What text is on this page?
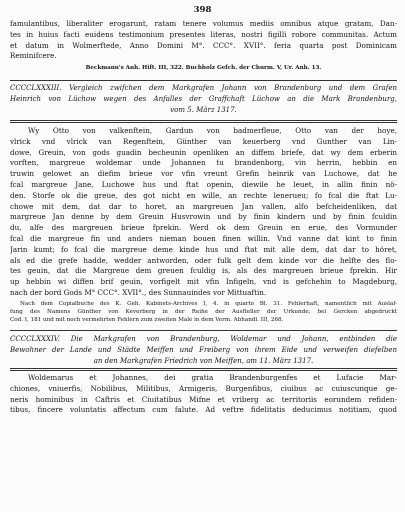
398
famulantibus, liberaliter erogarunt, ratam tenere volumus mediis omnibus atque gratam, Dan-
tes in huius facti euidens testimonium presentes literas, nostri figilli robore communitas. Actum
et datum in Wolmerftede, Anno Domini M°. CCC°. XVII°. feria quarta post Dominicam
Reminifcere.
Beckmann's Anh. Hift. III, 322. Buchholz Gefch. der Churm. V, Ur. Anh. 13.
CCCCLXXXIII. Vergleich zwifchen dem Markgrafen Johann von Brandenburg und dem Grafen
Heinrich von Lüchow wegen des Anfalles der Graffchaft Lüchow an die Mark Brandenburg,
vom 5. März 1317.
Wy Otto von valkenftein, Gardun von badmerfleue, Otto van der hoye,
vlrick vnd vlrick van Regenftein, Günther van keuerberg vnd Gunther van Lin-
dowe, Greuin, von gods guadin becheunin openliken an diffem briefe, dat wy dem erberin
vorften, margreue woldemar unde Johannen tu brandenborg, vin herrin, hebbin en
truwin gelowet an diefim brieue vor vfin vreunt Grefin heinrik van Luchowe, dat he
fcal margreue Jane, Luchowe hus und ftat openin, diewile he leuet, in allin finin nö-
den. Storfe ok die greue, des got nicht en wille, an rechte lenerueu; fo fcal die ftat Lu-
chowe mit dem, dat dar to horet, an margreuen Jan vallen, alfo befcheidenliken, dat
margreue Jan denne by dem Greuin Husvrowin und by finin kindern und by finin fculdin
du, alfe des margreuen brieue fprekin. Werd ok dem Greuin en erue, des Vormunder
fcal die margreue fin und anders nieman bouen finen willin. Vnd vanne dat kint to finin
Jarin kumt; fo fcal die margreue deme kinde hus und ftat mit alle dem, dat dar to höret,
als ed die grefe hadde, wedder antworden, oder fulk gelt dem kinde vor die helfte des flo-
tes geuin, dat die Margreue dem greuen fculdig is, als des margreuen brieue fprekin. Hir
up hebbin wi diffen brif geuin, vorfigelt mit vfin Infigeln, vnd is gefchehin to Magdeburg,
nach der bord Gods M° CCC°. XVII°., des Sunnauindes vor Mittuaftin.
Nach dem Copialbuche des K. Geh. Kabinets-Archives I, 4. in quarto Bl. 31. Fehlerhaft, namentlich mit Auslaf-
fung des Namens Günther von Keverberg in der Reihe der Ausfteller der Urkunde; bei Gercken abgedruckt
Cod. I, 181 und mit noch vermehrten Fehlern zum zweiten Male in dem Verm. Abhandl. III, 268.
CCCCLXXXIV. Die Markgrafen von Brandenburg, Woldemar und Johann, entbinden die
Bewohner der Lande und Städte Meiffen und Freiberg von ihrem Eide und verweifen diefelben
an den Markgrafen Friedrich von Meiffen, am 11. März 1317.
Woldemarus et Johannes, dei gratia Brandenburgenfes et Lufacie Mar-
chiones, vniuerfis, Nobilibus, Militibus, Armigeris, Burgenfibus, ciuibus ac cuiuscunque ge-
neris hominibus in Caftris et Ciuitatibus Mifne et vriberg ac territoriis eorundem refiden-
tibus, fincere voluntatis affectum cum falute. Ad veftre fidelitatis deducimus notitiam, quod
